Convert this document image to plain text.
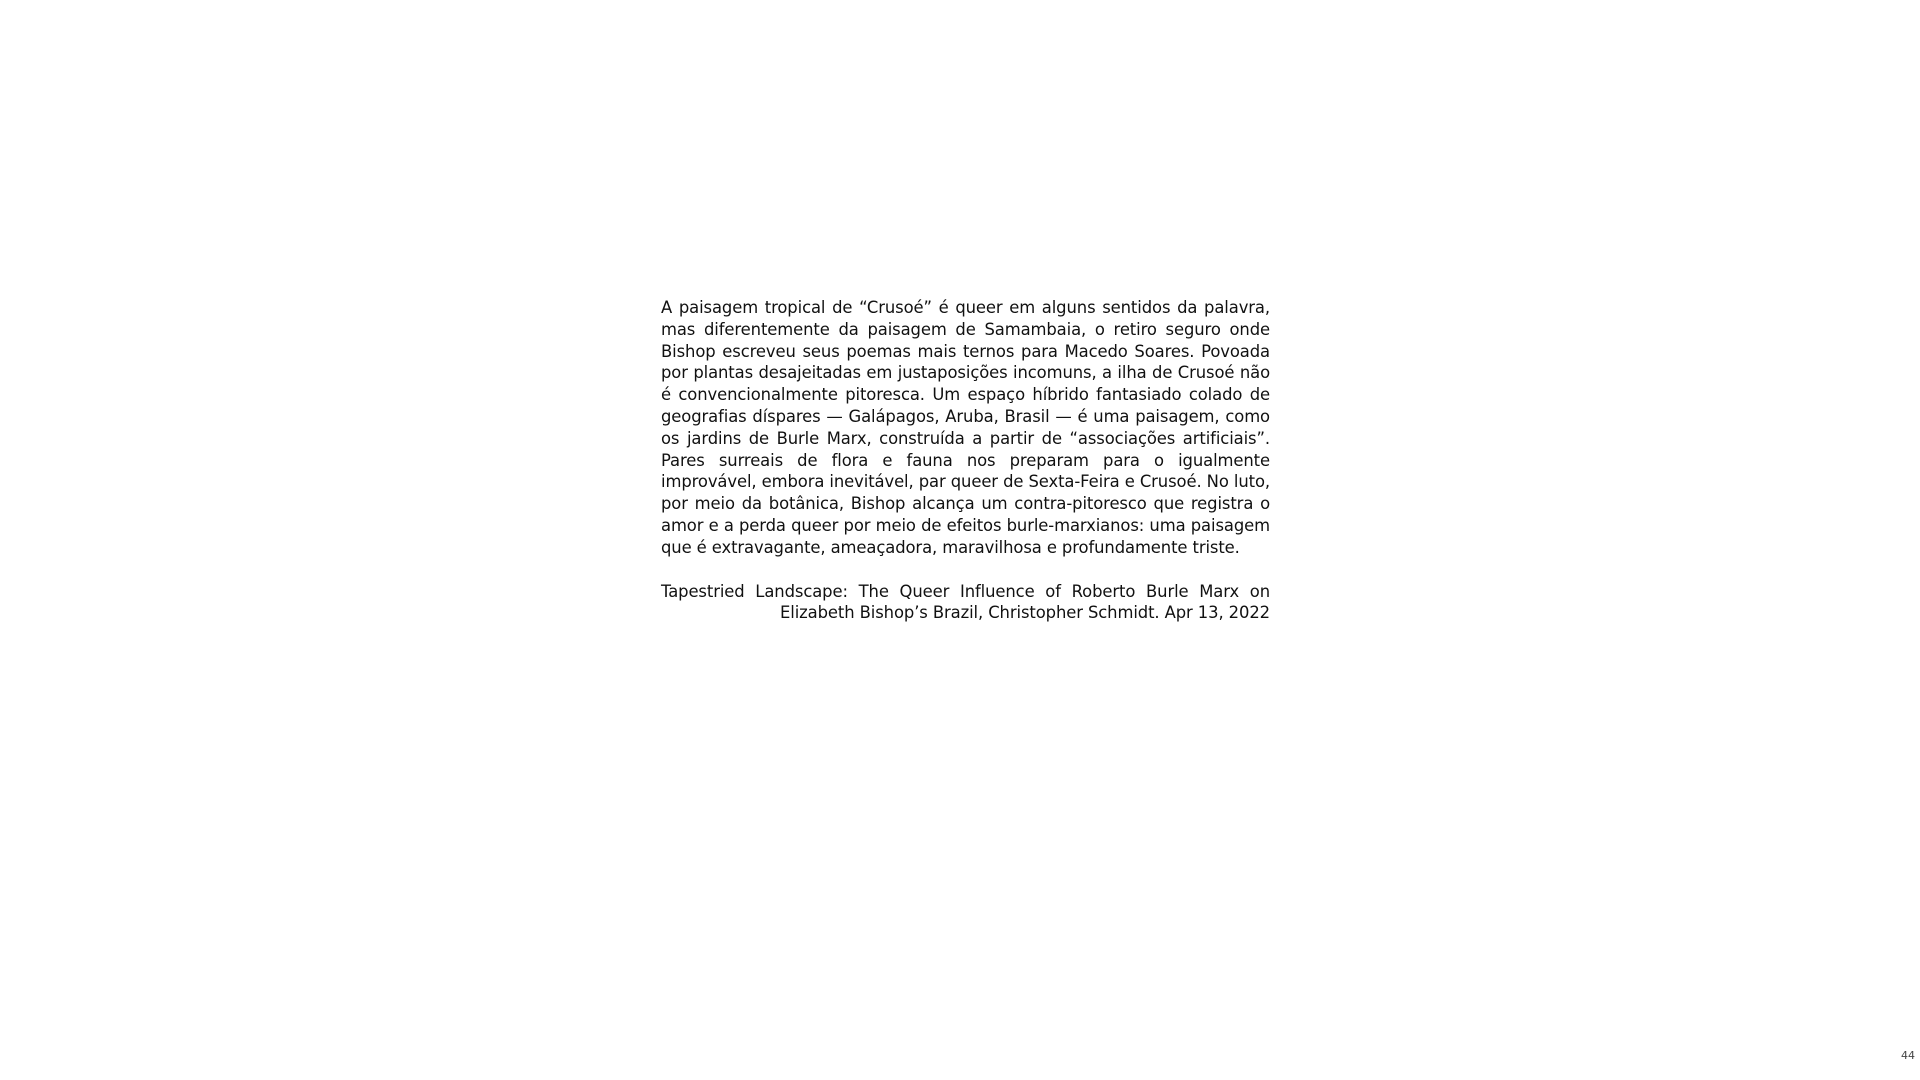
A paisagem tropical de “Crusoé” é queer em alguns sentidos da palavra, mas diferentemente da paisagem de Samambaia, o retiro seguro onde Bishop escreveu seus poemas mais ternos para Macedo Soares. Povoada por plantas desajeitadas em justaposições incomuns, a ilha de Crusoé não é convencionalmente pitoresca. Um espaço híbrido fantasiado colado de geografias díspares — Galápagos, Aruba, Brasil — é uma paisagem, como os jardins de Burle Marx, construída a partir de “associações artificiais”. Pares surreais de flora e fauna nos preparam para o igualmente improvável, embora inevitável, par queer de Sexta-Feira e Crusoé. No luto, por meio da botânica, Bishop alcança um contra-pitoresco que registra o amor e a perda queer por meio de efeitos burle-marxianos: uma paisagem que é extravagante, ameaçadora, maravilhosa e profundamente triste.

Tapestried Landscape: The Queer Influence of Roberto Burle Marx on
Elizabeth Bishop’s Brazil, Christopher Schmidt. Apr 13, 2022

44
